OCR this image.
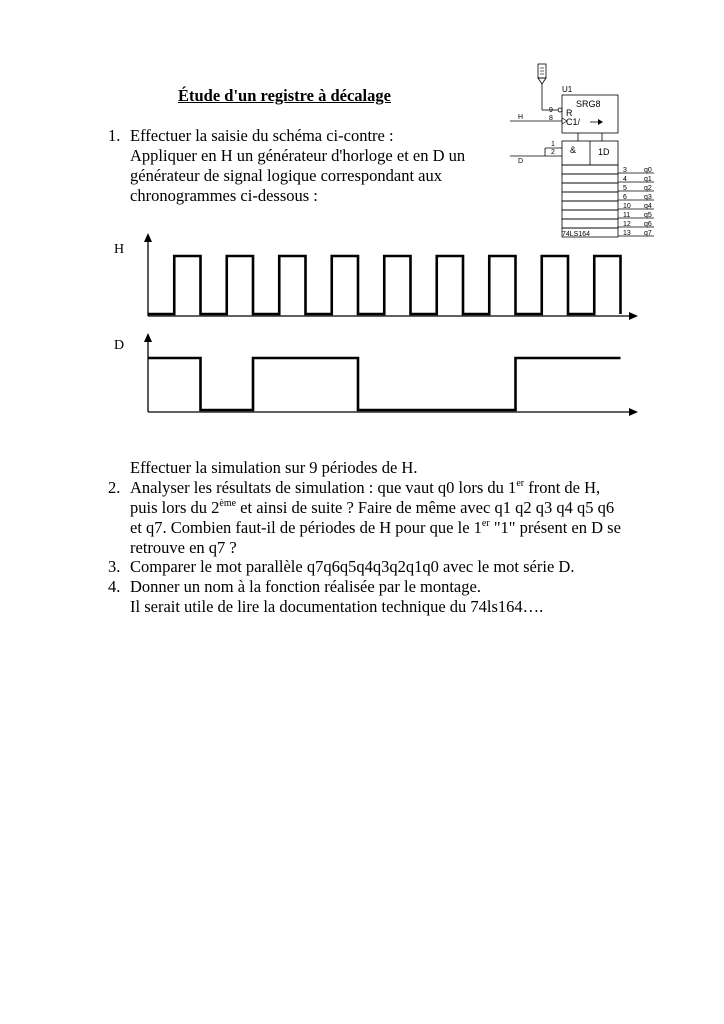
Étude d'un registre à décalage
1. Effectuer la saisie du schéma ci-contre :
Appliquer en H un générateur d'horloge et en D un
générateur de signal logique correspondant aux
chronogrammes ci-dessous :
H
D
U1
SRG8
R
C1/
9
8
H
& 1D
1
2
D
3 q0
4 q1
5 q2
6 q3
10 q4
11 q5
12 q6
13 q7
74LS164
Effectuer la simulation sur 9 périodes de H.
2. Analyser les résultats de simulation : que vaut q0 lors du 1er front de H,
puis lors du 2ème et ainsi de suite ? Faire de même avec q1 q2 q3 q4 q5 q6
et q7. Combien faut-il de périodes de H pour que le 1er "1" présent en D se
retrouve en q7 ?
3. Comparer le mot parallèle q7q6q5q4q3q2q1q0 avec le mot série D.
4. Donner un nom à la fonction réalisée par le montage.
Il serait utile de lire la documentation technique du 74ls164….
